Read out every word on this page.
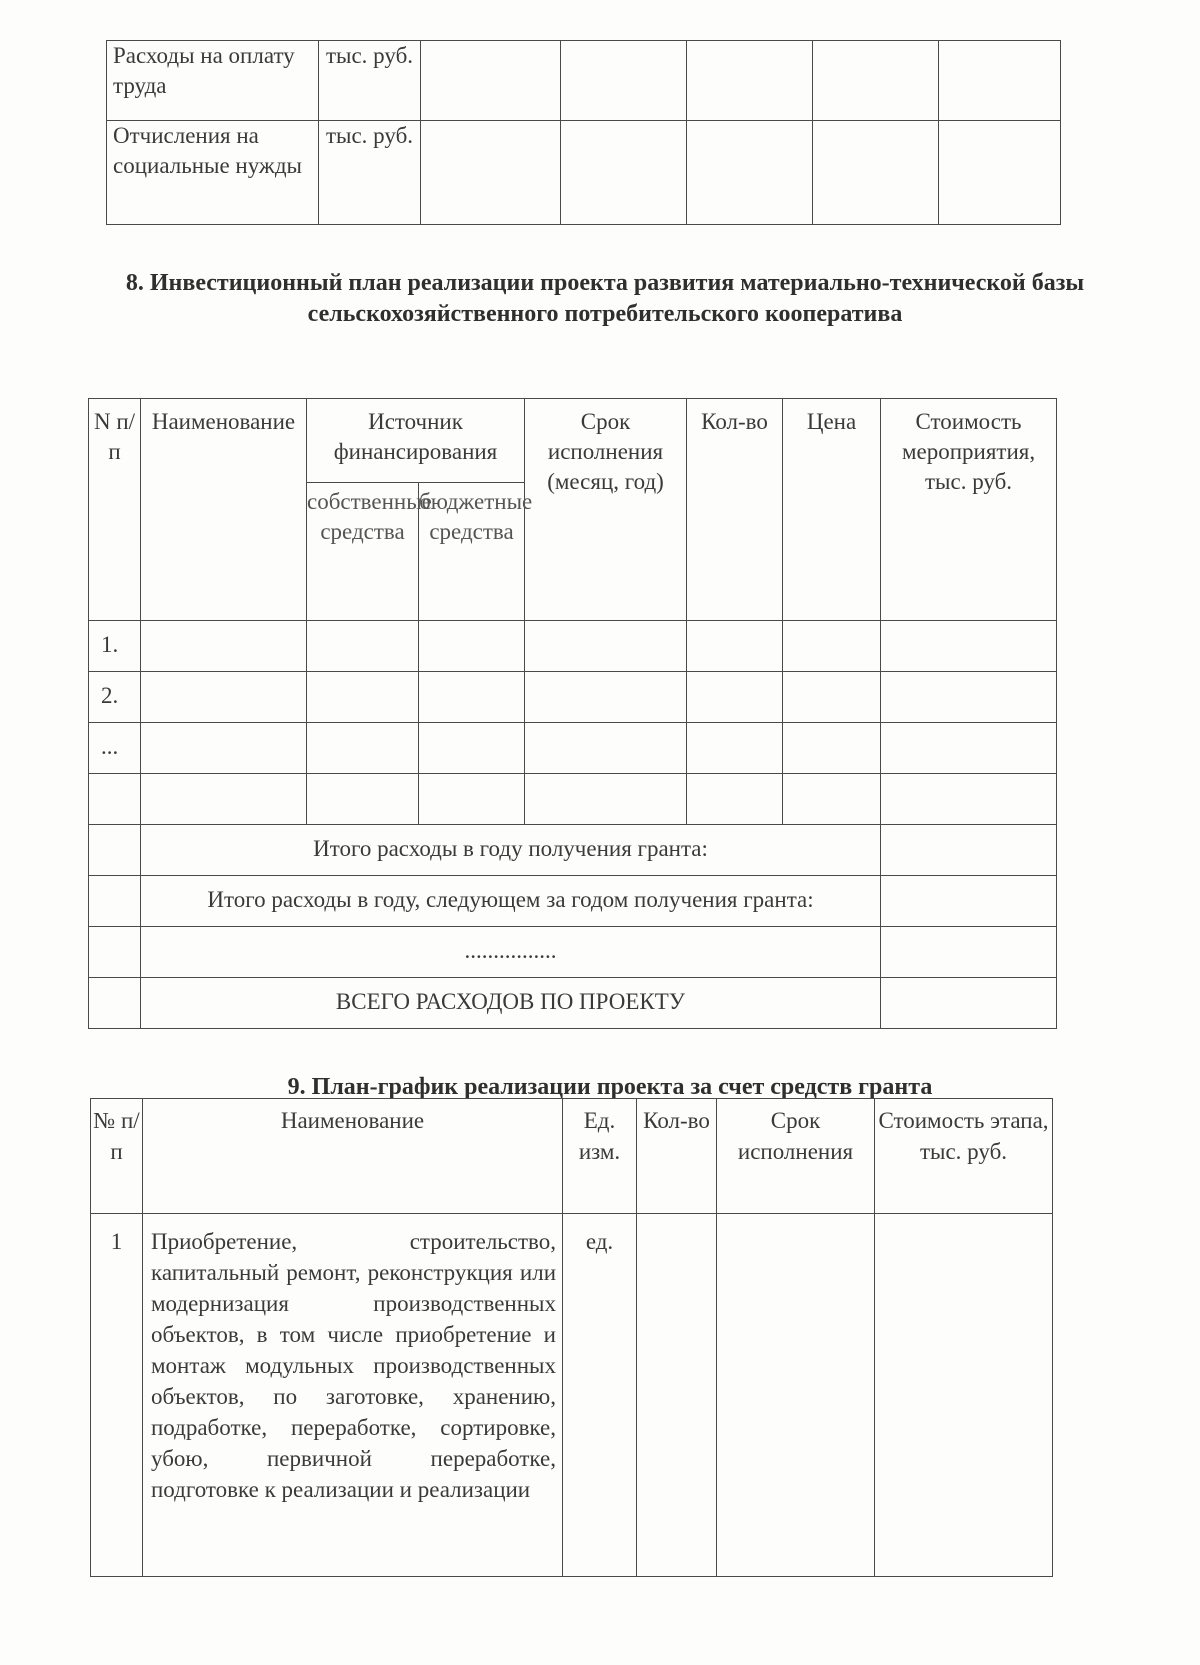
Расходы на оплату труда	тыс. руб.					
Отчисления на социальные нужды	тыс. руб.					
8. Инвестиционный план реализации проекта развития материально-технической базы сельскохозяйственного потребительского кооператива
N п/п	Наименование	Источник финансирования		Срок исполнения (месяц, год)	Кол-во	Цена	Стоимость мероприятия, тыс. руб.
		собственные средства	бюджетные средства				
1.							
2.							
...							

	Итого расходы в году получения гранта:						
	Итого расходы в году, следующем за годом получения гранта:						
	................						
	ВСЕГО РАСХОДОВ ПО ПРОЕКТУ						
9. План-график реализации проекта за счет средств гранта
№ п/п	Наименование	Ед. изм.	Кол-во	Срок исполнения	Стоимость этапа, тыс. руб.
1	Приобретение, строительство, капитальный ремонт, реконструкция или модернизация производственных объектов, в том числе приобретение и монтаж модульных производственных объектов, по заготовке, хранению, подработке, переработке, сортировке, убою, первичной переработке, подготовке к реализации и реализации	ед.			
